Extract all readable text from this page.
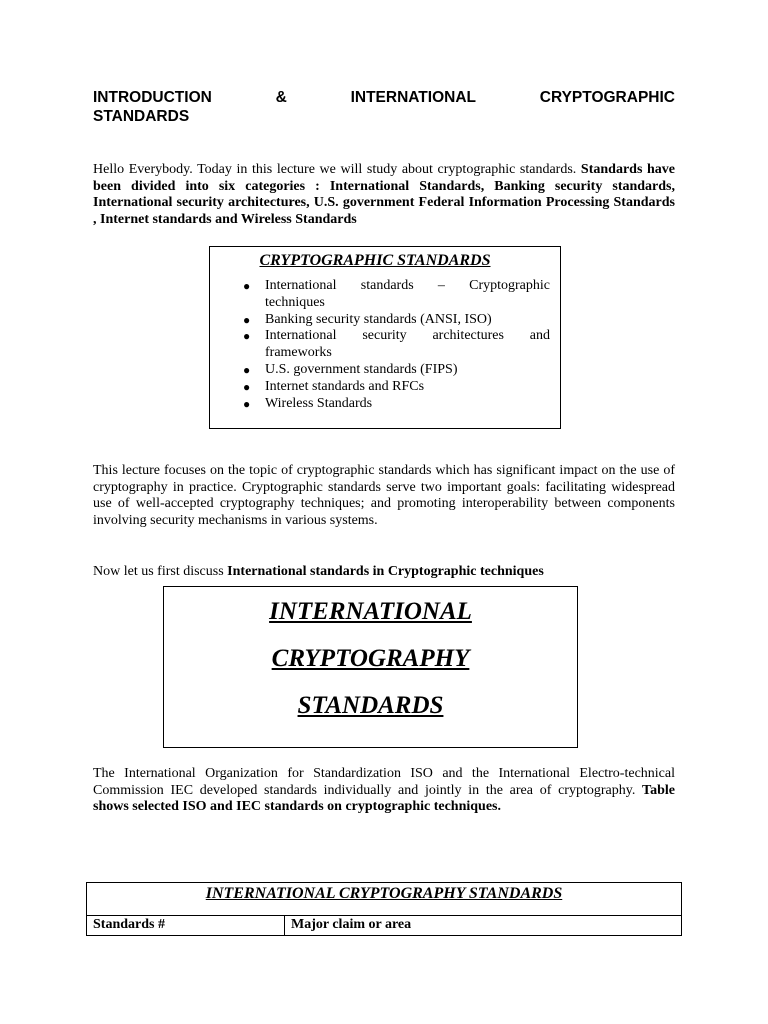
INTRODUCTION	&	INTERNATIONAL	CRYPTOGRAPHIC
STANDARDS
Hello Everybody. Today in this lecture we will study about cryptographic standards. Standards have been divided into six categories : International Standards, Banking security standards, International security architectures, U.S. government Federal Information Processing Standards , Internet standards and Wireless Standards
CRYPTOGRAPHIC STANDARDS
● International standards – Cryptographic techniques
● Banking security standards (ANSI, ISO)
● International security architectures and frameworks
● U.S. government standards (FIPS)
● Internet standards and RFCs
● Wireless Standards
This lecture focuses on the topic of cryptographic standards which has significant impact on the use of cryptography in practice. Cryptographic standards serve two important goals: facilitating widespread use of well-accepted cryptography techniques; and promoting interoperability between components involving security mechanisms in various systems.
Now let us first discuss International standards in Cryptographic techniques
INTERNATIONAL
CRYPTOGRAPHY
STANDARDS
The International Organization for Standardization ISO and the International Electro-technical Commission IEC developed standards individually and jointly in the area of cryptography. Table shows selected ISO and IEC standards on cryptographic techniques.
INTERNATIONAL CRYPTOGRAPHY STANDARDS
Standards #	Major claim or area
